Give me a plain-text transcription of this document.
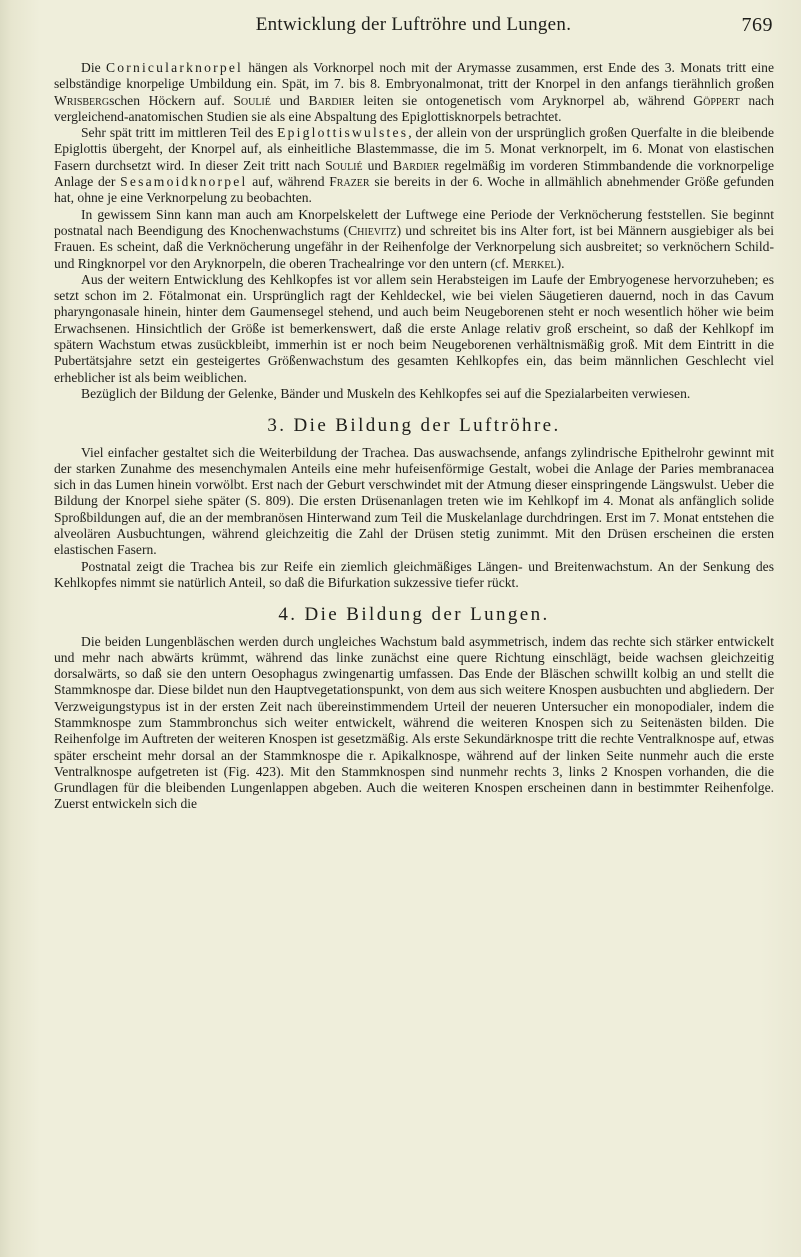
Entwicklung der Luftröhre und Lungen.	769

Die Cornicularknorpel hängen als Vorknorpel noch mit der Arymasse zusammen, erst Ende des 3. Monats tritt eine selbständige knorpelige Umbildung ein. Spät, im 7. bis 8. Embryonalmonat, tritt der Knorpel in den anfangs tierähnlich großen Wrisbergschen Höckern auf. Soulié und Bardier leiten sie ontogenetisch vom Aryknorpel ab, während Göppert nach vergleichend-anatomischen Studien sie als eine Abspaltung des Epiglottisknorpels betrachtet.

Sehr spät tritt im mittleren Teil des Epiglottiswulstes, der allein von der ursprünglich großen Querfalte in die bleibende Epiglottis übergeht, der Knorpel auf, als einheitliche Blastemmasse, die im 5. Monat verknorpelt, im 6. Monat von elastischen Fasern durchsetzt wird. In dieser Zeit tritt nach Soulié und Bardier regelmäßig im vorderen Stimmbandende die vorknorpelige Anlage der Sesamoidknorpel auf, während Frazer sie bereits in der 6. Woche in allmählich abnehmender Größe gefunden hat, ohne je eine Verknorpelung zu beobachten.

In gewissem Sinn kann man auch am Knorpelskelett der Luftwege eine Periode der Verknöcherung feststellen. Sie beginnt postnatal nach Beendigung des Knochenwachstums (Chievitz) und schreitet bis ins Alter fort, ist bei Männern ausgiebiger als bei Frauen. Es scheint, daß die Verknöcherung ungefähr in der Reihenfolge der Verknorpelung sich ausbreitet; so verknöchern Schild- und Ringknorpel vor den Aryknorpeln, die oberen Trachealringe vor den untern (cf. Merkel).

Aus der weitern Entwicklung des Kehlkopfes ist vor allem sein Herabsteigen im Laufe der Embryogenese hervorzuheben; es setzt schon im 2. Fötalmonat ein. Ursprünglich ragt der Kehldeckel, wie bei vielen Säugetieren dauernd, noch in das Cavum pharyngonasale hinein, hinter dem Gaumensegel stehend, und auch beim Neugeborenen steht er noch wesentlich höher wie beim Erwachsenen. Hinsichtlich der Größe ist bemerkenswert, daß die erste Anlage relativ groß erscheint, so daß der Kehlkopf im spätern Wachstum etwas zusückbleibt, immerhin ist er noch beim Neugeborenen verhältnismäßig groß. Mit dem Eintritt in die Pubertätsjahre setzt ein gesteigertes Größenwachstum des gesamten Kehlkopfes ein, das beim männlichen Geschlecht viel erheblicher ist als beim weiblichen.

Bezüglich der Bildung der Gelenke, Bänder und Muskeln des Kehlkopfes sei auf die Spezialarbeiten verwiesen.

3. Die Bildung der Luftröhre.

Viel einfacher gestaltet sich die Weiterbildung der Trachea. Das auswachsende, anfangs zylindrische Epithelrohr gewinnt mit der starken Zunahme des mesenchymalen Anteils eine mehr hufeisenförmige Gestalt, wobei die Anlage der Paries membranacea sich in das Lumen hinein vorwölbt. Erst nach der Geburt verschwindet mit der Atmung dieser einspringende Längswulst. Ueber die Bildung der Knorpel siehe später (S. 809). Die ersten Drüsenanlagen treten wie im Kehlkopf im 4. Monat als anfänglich solide Sproßbildungen auf, die an der membranösen Hinterwand zum Teil die Muskelanlage durchdringen. Erst im 7. Monat entstehen die alveolären Ausbuchtungen, während gleichzeitig die Zahl der Drüsen stetig zunimmt. Mit den Drüsen erscheinen die ersten elastischen Fasern.

Postnatal zeigt die Trachea bis zur Reife ein ziemlich gleichmäßiges Längen- und Breitenwachstum. An der Senkung des Kehlkopfes nimmt sie natürlich Anteil, so daß die Bifurkation sukzessive tiefer rückt.

4. Die Bildung der Lungen.

Die beiden Lungenbläschen werden durch ungleiches Wachstum bald asymmetrisch, indem das rechte sich stärker entwickelt und mehr nach abwärts krümmt, während das linke zunächst eine quere Richtung einschlägt, beide wachsen gleichzeitig dorsalwärts, so daß sie den untern Oesophagus zwingenartig umfassen. Das Ende der Bläschen schwillt kolbig an und stellt die Stammknospe dar. Diese bildet nun den Hauptvegetationspunkt, von dem aus sich weitere Knospen ausbuchten und abgliedern. Der Verzweigungstypus ist in der ersten Zeit nach übereinstimmendem Urteil der neueren Untersucher ein monopodialer, indem die Stammknospe zum Stammbronchus sich weiter entwickelt, während die weiteren Knospen sich zu Seitenästen bilden. Die Reihenfolge im Auftreten der weiteren Knospen ist gesetzmäßig. Als erste Sekundärknospe tritt die rechte Ventralknospe auf, etwas später erscheint mehr dorsal an der Stammknospe die r. Apikalknospe, während auf der linken Seite nunmehr auch die erste Ventralknospe aufgetreten ist (Fig. 423). Mit den Stammknospen sind nunmehr rechts 3, links 2 Knospen vorhanden, die die Grundlagen für die bleibenden Lungenlappen abgeben. Auch die weiteren Knospen erscheinen dann in bestimmter Reihenfolge. Zuerst entwickeln sich die
